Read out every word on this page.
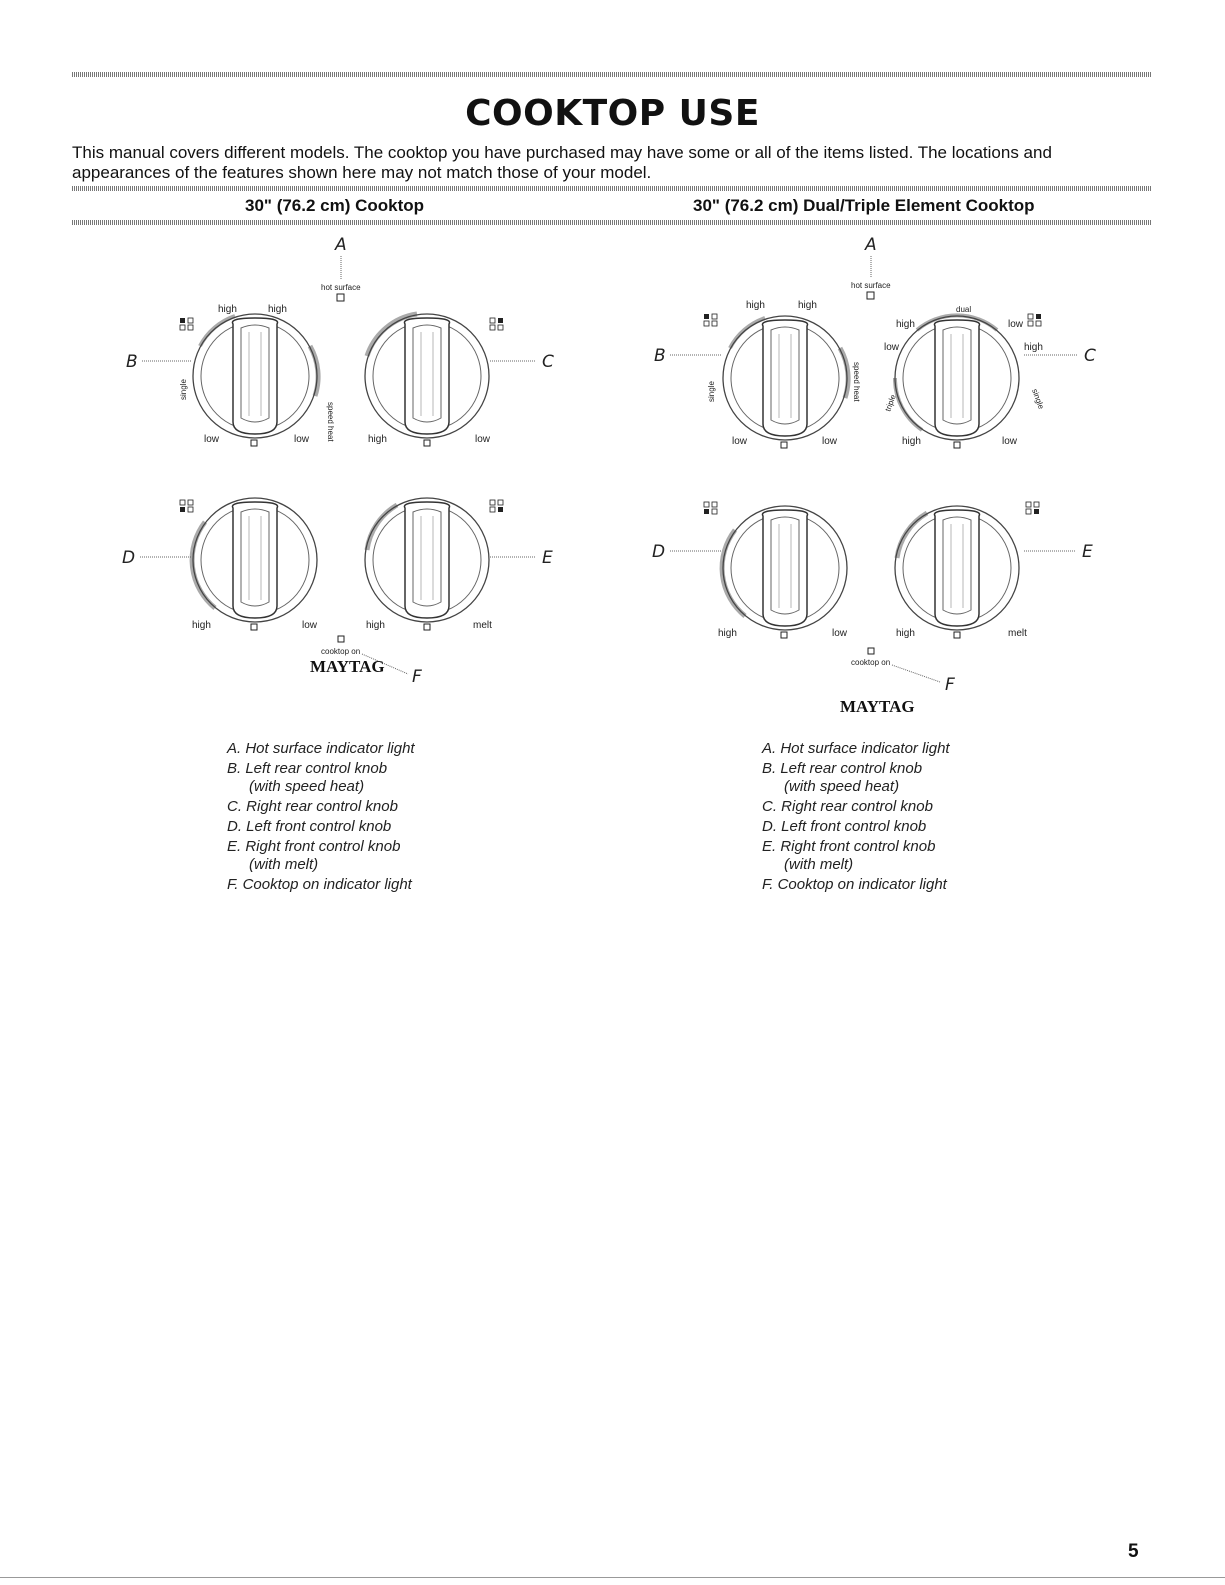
COOKTOP USE

This manual covers different models. The cooktop you have purchased may have some or all of the items listed. The locations and appearances of the features shown here may not match those of your model.

30" (76.2 cm) Cooktop	30" (76.2 cm) Dual/Triple Element Cooktop
A
hot surface
high	high
single
low	low
B
speed heat	high	low
C
high	low
D
high	melt
E
cooktop on
F
MAYTAG
A
hot surface
high	high
single	speed heat
low	low
B
dual
high	low
low	high
triple	single
high	low
C
high	low
D
high	melt
E
cooktop on
F
MAYTAG
A. Hot surface indicator light
B. Left rear control knob
(with speed heat)
C. Right rear control knob
D. Left front control knob
E. Right front control knob
(with melt)
F. Cooktop on indicator light
A. Hot surface indicator light
B. Left rear control knob
(with speed heat)
C. Right rear control knob
D. Left front control knob
E. Right front control knob
(with melt)
F. Cooktop on indicator light
5
